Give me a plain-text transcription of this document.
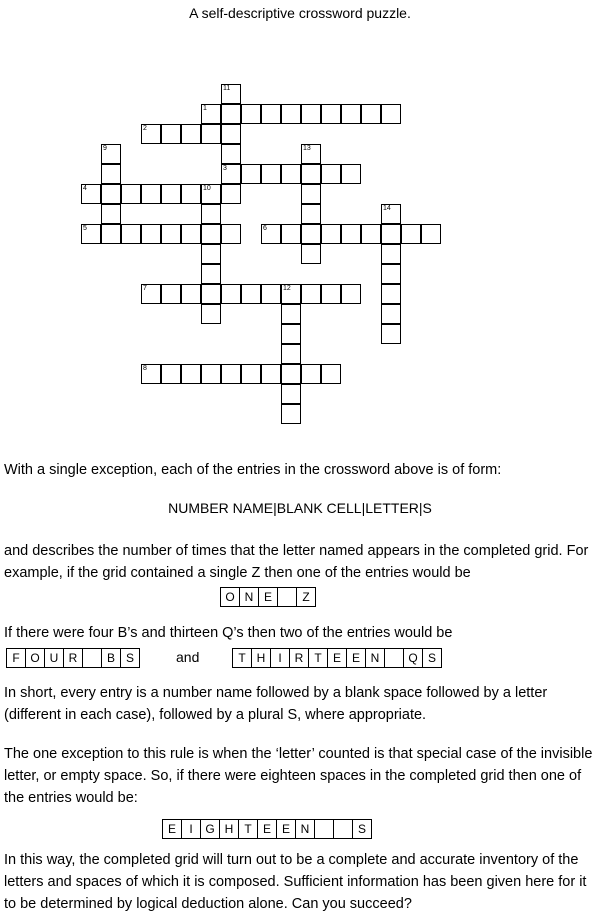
A self-descriptive crossword puzzle.
1
2
3
4	10
5	6
7	12
8
9
11
13
14

With a single exception, each of the entries in the crossword above is of form:

NUMBER NAME|BLANK CELL|LETTER|S

and describes the number of times that the letter named appears in the completed grid. For example, if the grid contained a single Z then one of the entries would be

O N E	Z

If there were four B’s and thirteen Q’s then two of the entries would be

F O U R	B S	and	T H	I	R T E E N	Q S

In short, every entry is a number name followed by a blank space followed by a letter (different in each case), followed by a plural S, where appropriate.

The one exception to this rule is when the ‘letter’ counted is that special case of the invisible letter, or empty space. So, if there were eighteen spaces in the completed grid then one of the entries would be:

E	I	G H T E E N	S

In this way, the completed grid will turn out to be a complete and accurate inventory of the letters and spaces of which it is composed. Sufficient information has been given here for it to be determined by logical deduction alone. Can you succeed?
